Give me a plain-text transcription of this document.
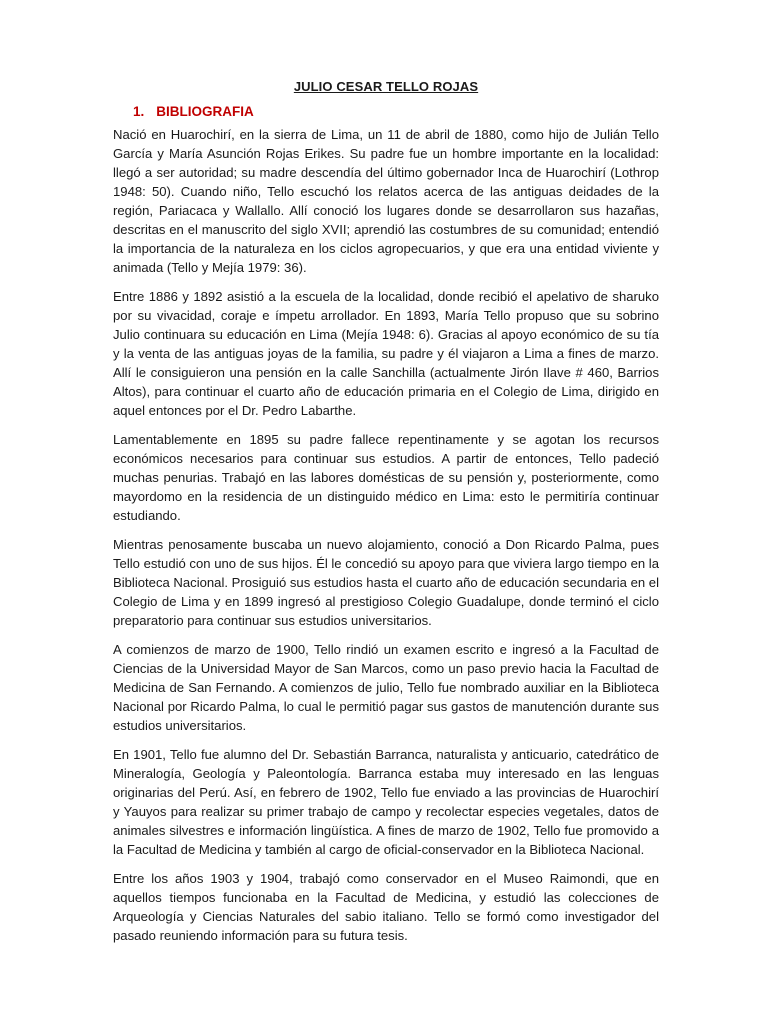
JULIO CESAR TELLO ROJAS
1. BIBLIOGRAFIA

Nació en Huarochirí, en la sierra de Lima, un 11 de abril de 1880, como hijo de Julián Tello García y María Asunción Rojas Erikes. Su padre fue un hombre importante en la localidad: llegó a ser autoridad; su madre descendía del último gobernador Inca de Huarochirí (Lothrop 1948: 50). Cuando niño, Tello escuchó los relatos acerca de las antiguas deidades de la región, Pariacaca y Wallallo. Allí conoció los lugares donde se desarrollaron sus hazañas, descritas en el manuscrito del siglo XVII; aprendió las costumbres de su comunidad; entendió la importancia de la naturaleza en los ciclos agropecuarios, y que era una entidad viviente y animada (Tello y Mejía 1979: 36).

Entre 1886 y 1892 asistió a la escuela de la localidad, donde recibió el apelativo de sharuko por su vivacidad, coraje e ímpetu arrollador. En 1893, María Tello propuso que su sobrino Julio continuara su educación en Lima (Mejía 1948: 6). Gracias al apoyo económico de su tía y la venta de las antiguas joyas de la familia, su padre y él viajaron a Lima a fines de marzo. Allí le consiguieron una pensión en la calle Sanchilla (actualmente Jirón Ilave # 460, Barrios Altos), para continuar el cuarto año de educación primaria en el Colegio de Lima, dirigido en aquel entonces por el Dr. Pedro Labarthe.

Lamentablemente en 1895 su padre fallece repentinamente y se agotan los recursos económicos necesarios para continuar sus estudios. A partir de entonces, Tello padeció muchas penurias. Trabajó en las labores domésticas de su pensión y, posteriormente, como mayordomo en la residencia de un distinguido médico en Lima: esto le permitiría continuar estudiando.

Mientras penosamente buscaba un nuevo alojamiento, conoció a Don Ricardo Palma, pues Tello estudió con uno de sus hijos. Él le concedió su apoyo para que viviera largo tiempo en la Biblioteca Nacional. Prosiguió sus estudios hasta el cuarto año de educación secundaria en el Colegio de Lima y en 1899 ingresó al prestigioso Colegio Guadalupe, donde terminó el ciclo preparatorio para continuar sus estudios universitarios.

A comienzos de marzo de 1900, Tello rindió un examen escrito e ingresó a la Facultad de Ciencias de la Universidad Mayor de San Marcos, como un paso previo hacia la Facultad de Medicina de San Fernando. A comienzos de julio, Tello fue nombrado auxiliar en la Biblioteca Nacional por Ricardo Palma, lo cual le permitió pagar sus gastos de manutención durante sus estudios universitarios.

En 1901, Tello fue alumno del Dr. Sebastián Barranca, naturalista y anticuario, catedrático de Mineralogía, Geología y Paleontología. Barranca estaba muy interesado en las lenguas originarias del Perú. Así, en febrero de 1902, Tello fue enviado a las provincias de Huarochirí y Yauyos para realizar su primer trabajo de campo y recolectar especies vegetales, datos de animales silvestres e información lingüística. A fines de marzo de 1902, Tello fue promovido a la Facultad de Medicina y también al cargo de oficial-conservador en la Biblioteca Nacional.

Entre los años 1903 y 1904, trabajó como conservador en el Museo Raimondi, que en aquellos tiempos funcionaba en la Facultad de Medicina, y estudió las colecciones de Arqueología y Ciencias Naturales del sabio italiano. Tello se formó como investigador del pasado reuniendo información para su futura tesis.
